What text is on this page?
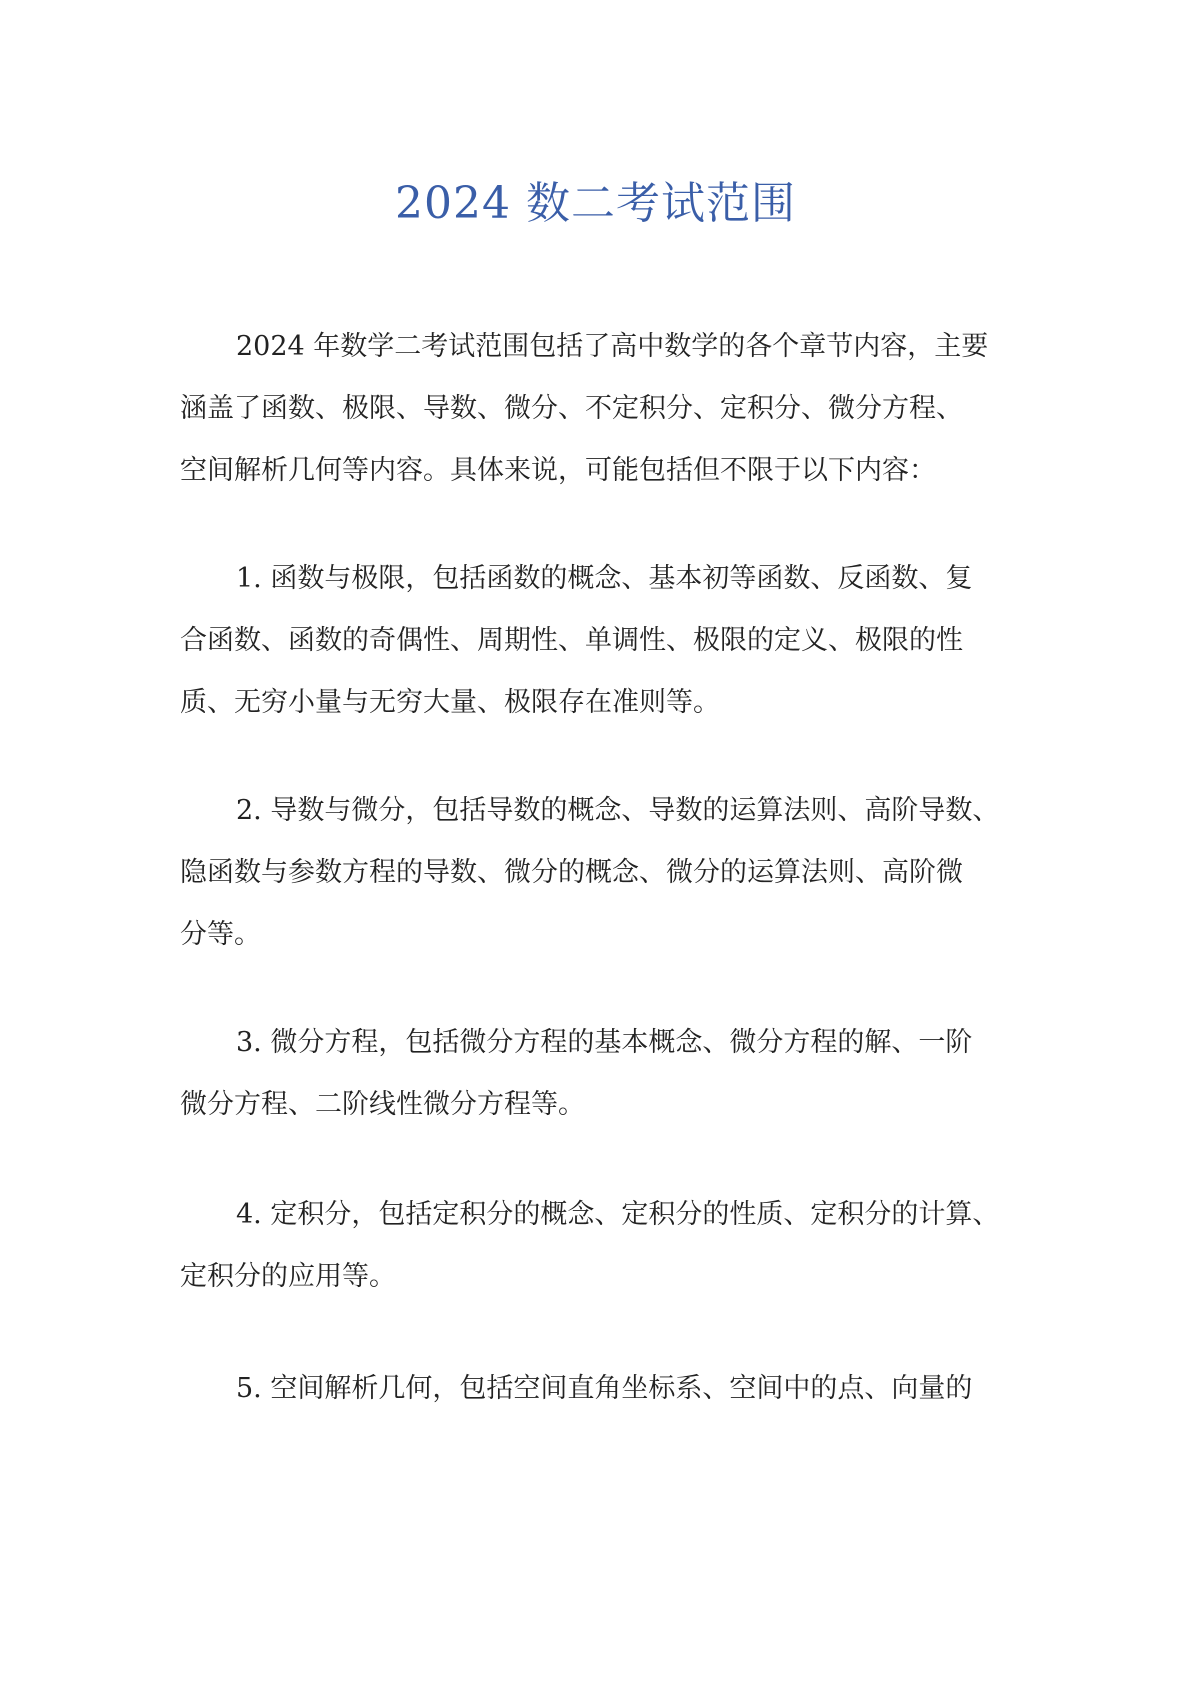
2024 数二考试范围

2024 年数学二考试范围包括了高中数学的各个章节内容，主要
涵盖了函数、极限、导数、微分、不定积分、定积分、微分方程、
空间解析几何等内容。具体来说，可能包括但不限于以下内容：

1. 函数与极限，包括函数的概念、基本初等函数、反函数、复
合函数、函数的奇偶性、周期性、单调性、极限的定义、极限的性
质、无穷小量与无穷大量、极限存在准则等。

2. 导数与微分，包括导数的概念、导数的运算法则、高阶导数、
隐函数与参数方程的导数、微分的概念、微分的运算法则、高阶微
分等。

3. 微分方程，包括微分方程的基本概念、微分方程的解、一阶
微分方程、二阶线性微分方程等。

4. 定积分，包括定积分的概念、定积分的性质、定积分的计算、
定积分的应用等。

5. 空间解析几何，包括空间直角坐标系、空间中的点、向量的
